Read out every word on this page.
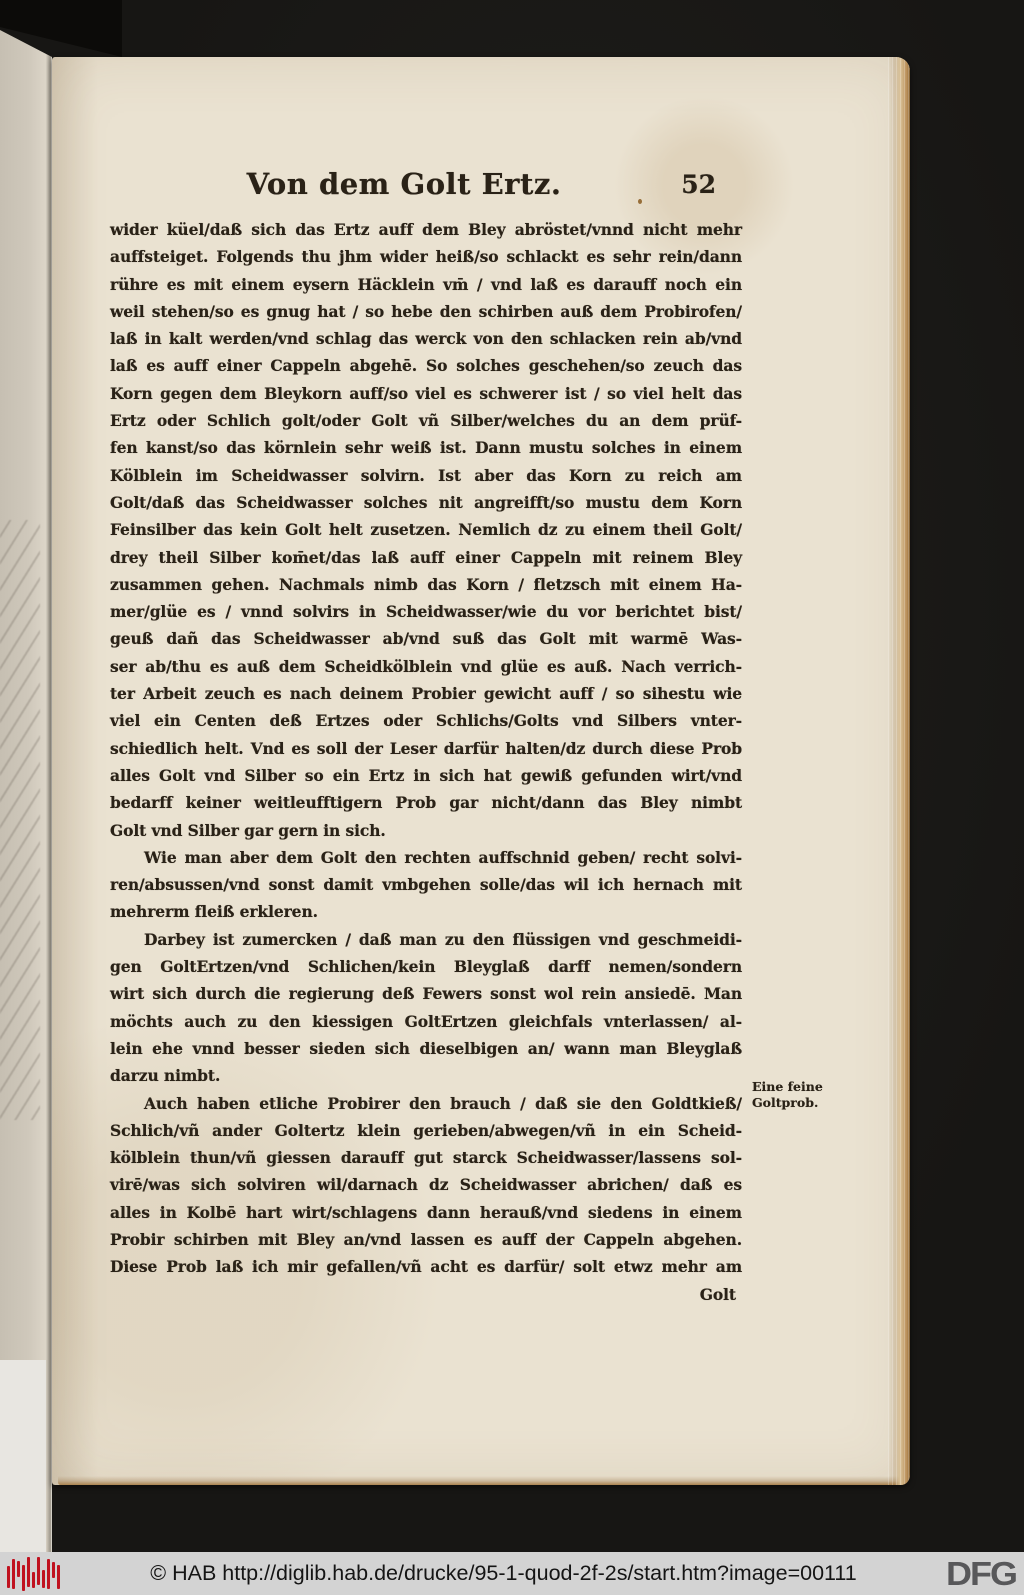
Von dem Golt Ertz.	52
wider küel/daß sich das Ertz auff dem Bley abröstet/vnnd nicht mehr
auffsteiget. Folgends thu jhm wider heiß/so schlackt es sehr rein/dann
rühre es mit einem eysern Häcklein vm̄ / vnd laß es darauff noch ein
weil stehen/so es gnug hat / so hebe den schirben auß dem Probirofen/
laß in kalt werden/vnd schlag das werck von den schlacken rein ab/vnd
laß es auff einer Cappeln abgehē. So solches geschehen/so zeuch das
Korn gegen dem Bleykorn auff/so viel es schwerer ist / so viel helt das
Ertz oder Schlich golt/oder Golt vñ Silber/welches du an dem prüf-
fen kanst/so das körnlein sehr weiß ist. Dann mustu solches in einem
Kölblein im Scheidwasser solvirn. Ist aber das Korn zu reich am
Golt/daß das Scheidwasser solches nit angreifft/so mustu dem Korn
Feinsilber das kein Golt helt zusetzen. Nemlich dz zu einem theil Golt/
drey theil Silber kom̄et/das laß auff einer Cappeln mit reinem Bley
zusammen gehen. Nachmals nimb das Korn / fletzsch mit einem Ha-
mer/glüe es / vnnd solvirs in Scheidwasser/wie du vor berichtet bist/
geuß dañ das Scheidwasser ab/vnd suß das Golt mit warmē Was-
ser ab/thu es auß dem Scheidkölblein vnd glüe es auß. Nach verrich-
ter Arbeit zeuch es nach deinem Probier gewicht auff / so sihestu wie
viel ein Centen deß Ertzes oder Schlichs/Golts vnd Silbers vnter-
schiedlich helt. Vnd es soll der Leser darfür halten/dz durch diese Prob
alles Golt vnd Silber so ein Ertz in sich hat gewiß gefunden wirt/vnd
bedarff keiner weitleufftigern Prob gar nicht/dann das Bley nimbt
Golt vnd Silber gar gern in sich.
Wie man aber dem Golt den rechten auffschnid geben/ recht solvi-
ren/absussen/vnd sonst damit vmbgehen solle/das wil ich hernach mit
mehrerm fleiß erkleren.
Darbey ist zumercken / daß man zu den flüssigen vnd geschmeidi-
gen GoltErtzen/vnd Schlichen/kein Bleyglaß darff nemen/sondern
wirt sich durch die regierung deß Fewers sonst wol rein ansiedē. Man
möchts auch zu den kiessigen GoltErtzen gleichfals vnterlassen/ al-
lein ehe vnnd besser sieden sich dieselbigen an/ wann man Bleyglaß
darzu nimbt.
Auch haben etliche Probirer den brauch / daß sie den Goldtkieß/
Schlich/vñ ander Goltertz klein gerieben/abwegen/vñ in ein Scheid-
kölblein thun/vñ giessen darauff gut starck Scheidwasser/lassens sol-
virē/was sich solviren wil/darnach dz Scheidwasser abrichen/ daß es
alles in Kolbē hart wirt/schlagens dann herauß/vnd siedens in einem
Probir schirben mit Bley an/vnd lassen es auff der Cappeln abgehen.
Diese Prob laß ich mir gefallen/vñ acht es darfür/ solt etwz mehr am
Golt
Eine feine
Goltprob.
© HAB http://diglib.hab.de/drucke/95-1-quod-2f-2s/start.htm?image=00111	DFG
